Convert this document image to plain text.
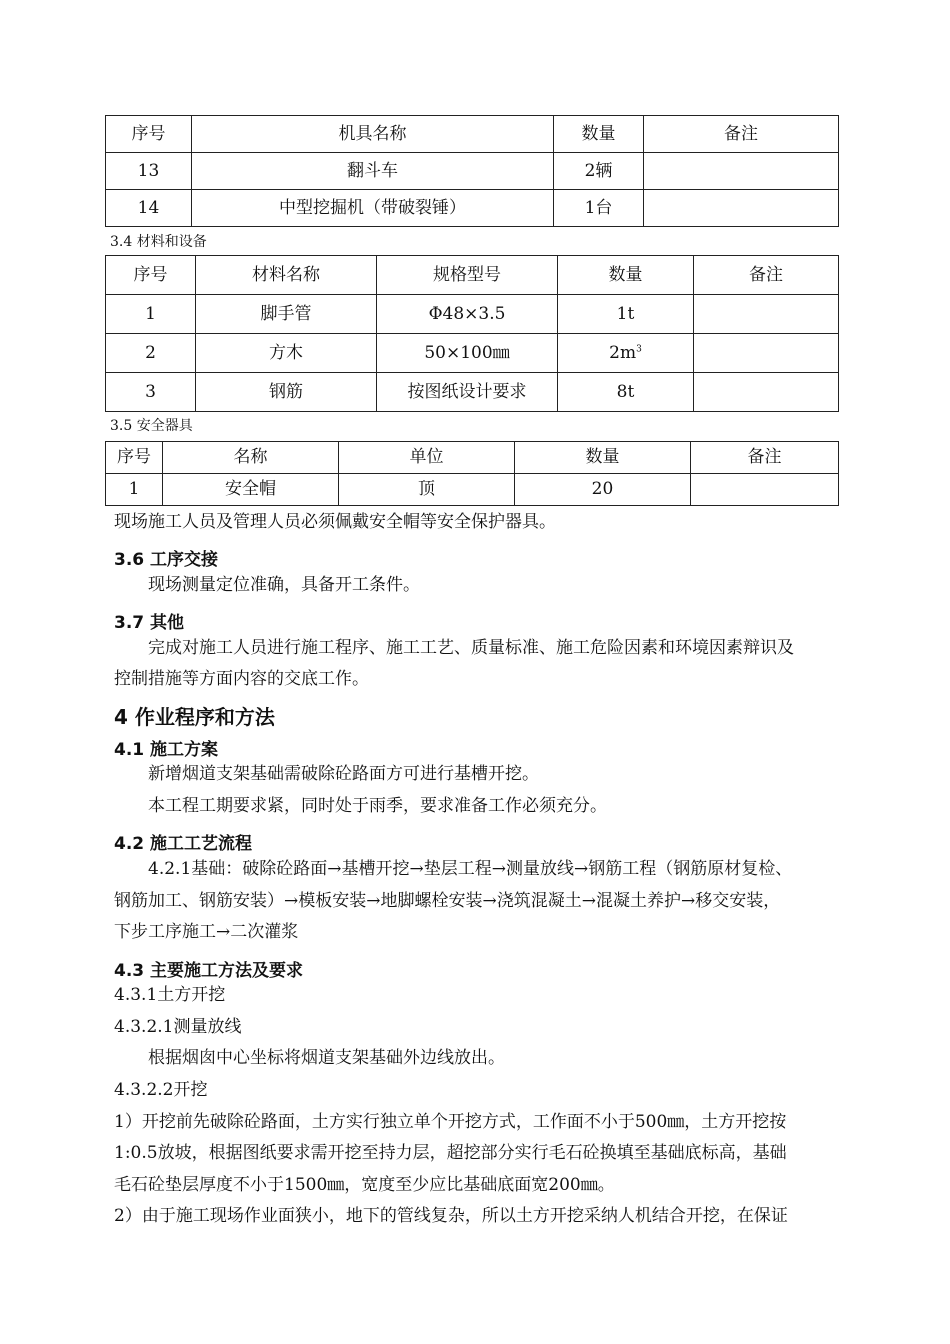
序号	机具名称	数量	备注
13	翻斗车	2辆	
14	中型挖掘机（带破裂锤）	1台	
3.4 材料和设备
序号	材料名称	规格型号	数量	备注
1	脚手管	Φ48×3.5	1t	
2	方木	50×100㎜	$2m^3$	
3	钢筋	按图纸设计要求	8t	
3.5 安全器具
序号	名称	单位	数量	备注
1	安全帽	顶	20	
现场施工人员及管理人员必须佩戴安全帽等安全保护器具。
3.6 工序交接
现场测量定位准确，具备开工条件。
3.7 其他
完成对施工人员进行施工程序、施工工艺、质量标准、施工危险因素和环境因素辩识及
控制措施等方面内容的交底工作。
4 作业程序和方法
4.1 施工方案
新增烟道支架基础需破除砼路面方可进行基槽开挖。
本工程工期要求紧，同时处于雨季，要求准备工作必须充分。
4.2 施工工艺流程
4.2.1基础：破除砼路面→基槽开挖→垫层工程→测量放线→钢筋工程（钢筋原材复检、
钢筋加工、钢筋安装）→模板安装→地脚螺栓安装→浇筑混凝土→混凝土养护→移交安装，
下步工序施工→二次灌浆
4.3 主要施工方法及要求
4.3.1土方开挖
4.3.2.1测量放线
根据烟囱中心坐标将烟道支架基础外边线放出。
4.3.2.2开挖
1）开挖前先破除砼路面，土方实行独立单个开挖方式，工作面不小于500㎜，土方开挖按
1:0.5放坡，根据图纸要求需开挖至持力层，超挖部分实行毛石砼换填至基础底标高，基础
毛石砼垫层厚度不小于1500㎜，宽度至少应比基础底面宽200㎜。
2）由于施工现场作业面狭小，地下的管线复杂，所以土方开挖采纳人机结合开挖，在保证
